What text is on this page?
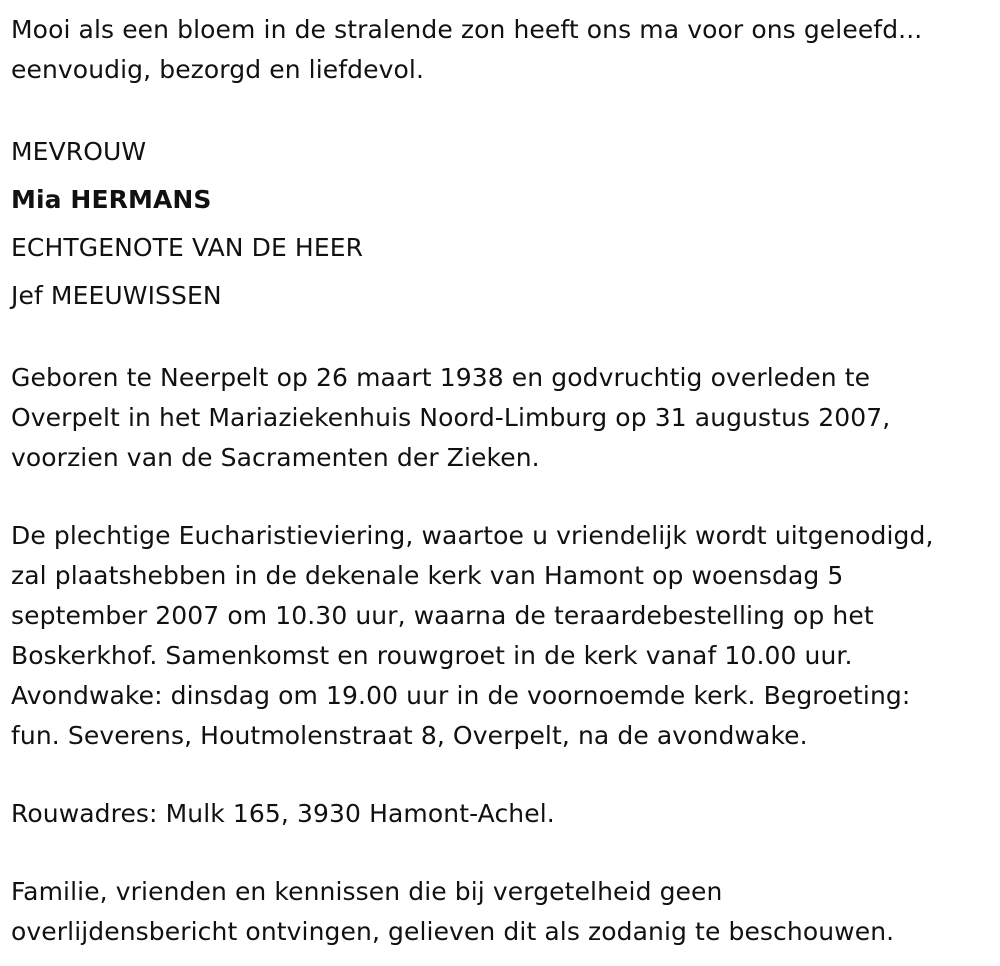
Mooi als een bloem in de stralende zon heeft ons ma voor ons geleefd...
eenvoudig, bezorgd en liefdevol.
MEVROUW
Mia HERMANS
ECHTGENOTE VAN DE HEER
Jef MEEUWISSEN
Geboren te Neerpelt op 26 maart 1938 en godvruchtig overleden te
Overpelt in het Mariaziekenhuis Noord-Limburg op 31 augustus 2007,
voorzien van de Sacramenten der Zieken.
De plechtige Eucharistieviering, waartoe u vriendelijk wordt uitgenodigd,
zal plaatshebben in de dekenale kerk van Hamont op woensdag 5
september 2007 om 10.30 uur, waarna de teraardebestelling op het
Boskerkhof. Samenkomst en rouwgroet in de kerk vanaf 10.00 uur.
Avondwake: dinsdag om 19.00 uur in de voornoemde kerk. Begroeting:
fun. Severens, Houtmolenstraat 8, Overpelt, na de avondwake.
Rouwadres: Mulk 165, 3930 Hamont-Achel.
Familie, vrienden en kennissen die bij vergetelheid geen
overlijdensbericht ontvingen, gelieven dit als zodanig te beschouwen.
